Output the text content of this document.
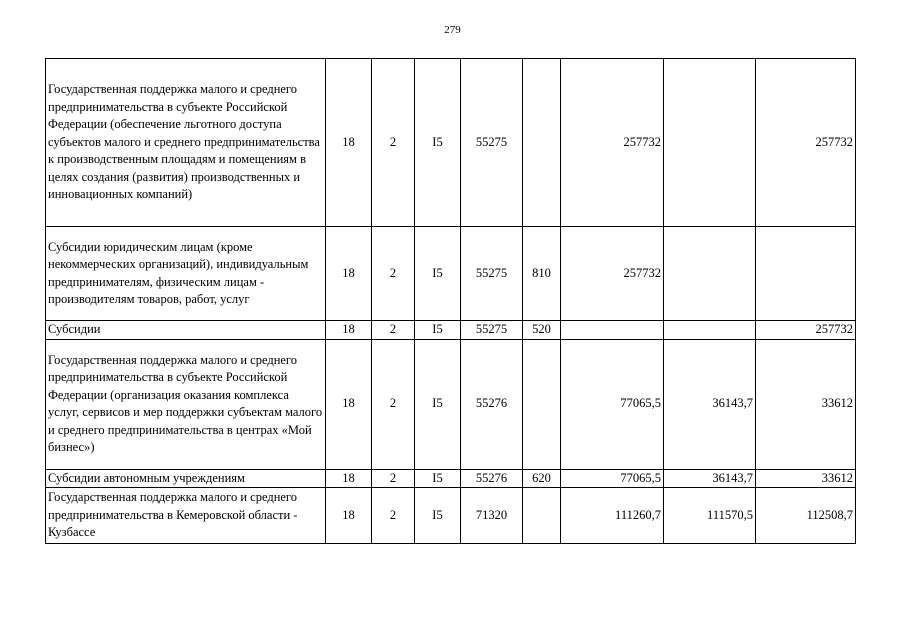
279
Государственная поддержка малого и среднего предпринимательства в субъекте Российской Федерации (обеспечение льготного доступа субъектов малого и среднего предпринимательства к производственным площадям и помещениям в целях создания (развития) производственных и инновационных компаний)	18	2	I5	55275		257732		257732
Субсидии юридическим лицам (кроме некоммерческих организаций), индивидуальным предпринимателям, физическим лицам - производителям товаров, работ, услуг	18	2	I5	55275	810	257732		
Субсидии	18	2	I5	55275	520			257732
Государственная поддержка малого и среднего предпринимательства в субъекте Российской Федерации (организация оказания комплекса услуг, сервисов и мер поддержки субъектам малого и среднего предпринимательства в центрах «Мой бизнес»)	18	2	I5	55276		77065,5	36143,7	33612
Субсидии автономным учреждениям	18	2	I5	55276	620	77065,5	36143,7	33612
Государственная поддержка малого и среднего предпринимательства в Кемеровской области - Кузбассе	18	2	I5	71320		111260,7	111570,5	112508,7
